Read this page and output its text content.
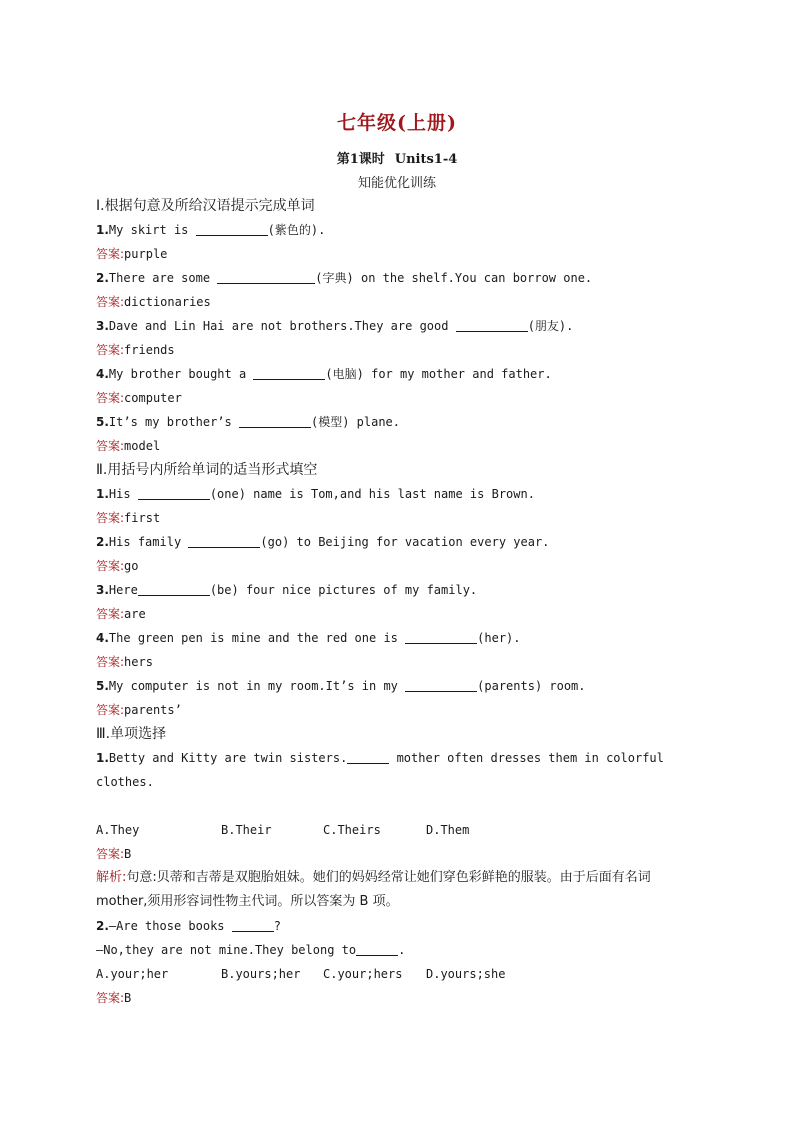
七年级(上册)
第1课时 Units1-4
知能优化训练
Ⅰ.根据句意及所给汉语提示完成单词
1.My skirt is	(紫色的).
答案:purple
2.There are some	(字典) on the shelf.You can borrow one.
答案:dictionaries
3.Dave and Lin Hai are not brothers.They are good	(朋友).
答案:friends
4.My brother bought a	(电脑) for my mother and father.
答案:computer
5.It’s my brother’s	(模型) plane.
答案:model
Ⅱ.用括号内所给单词的适当形式填空
1.His	(one) name is Tom,and his last name is Brown.
答案:first
2.His family	(go) to Beijing for vacation every year.
答案:go
3.Here	(be) four nice pictures of my family.
答案:are
4.The green pen is mine and the red one is	(her).
答案:hers
5.My computer is not in my room.It’s in my	(parents) room.
答案:parents’
Ⅲ.单项选择
1.Betty and Kitty are twin sisters.	mother often dresses them in colorful
clothes.
A.They	B.Their	C.Theirs	D.Them
答案:B
解析:句意:贝蒂和吉蒂是双胞胎姐妹。她们的妈妈经常让她们穿色彩鲜艳的服装。由于后面有名词 mother,须用形容词性物主代词。所以答案为 B 项。
2.—Are those books	?
—No,they are not mine.They belong to	.
A.your;her	B.yours;her C.your;hers D.yours;she
答案:B
